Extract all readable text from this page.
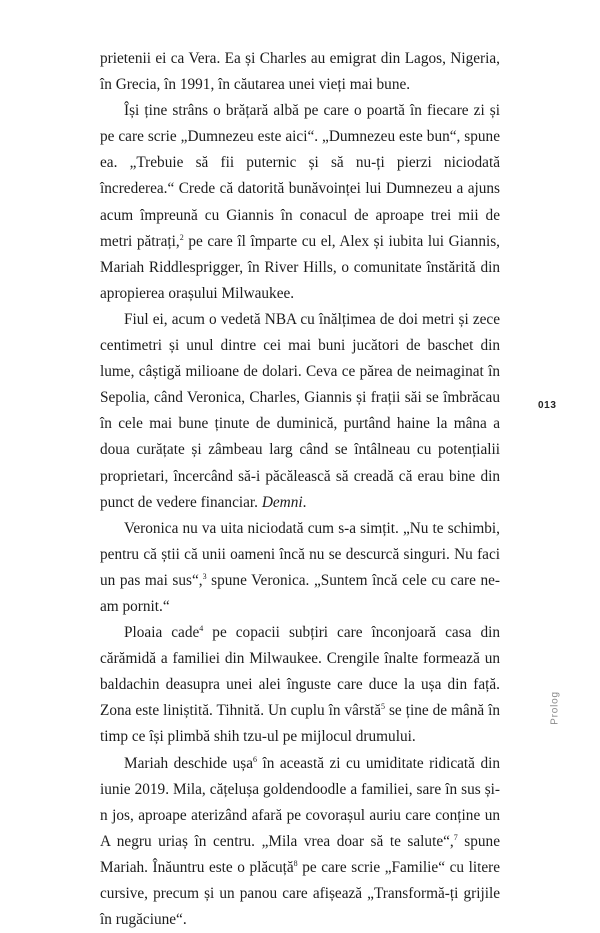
prietenii ei ca Vera. Ea și Charles au emigrat din Lagos, Nigeria, în Grecia, în 1991, în căutarea unei vieți mai bune.

Își ține strâns o brățară albă pe care o poartă în fiecare zi și pe care scrie „Dumnezeu este aici“. „Dumnezeu este bun“, spune ea. „Trebuie să fii puternic și să nu-ți pierzi niciodată încrederea.“ Crede că datorită bunăvoinței lui Dumnezeu a ajuns acum împreună cu Giannis în conacul de aproape trei mii de metri pătrați,$^2$ pe care îl împarte cu el, Alex și iubita lui Giannis, Mariah Riddlesprigger, în River Hills, o comunitate înstărită din apropierea orașului Milwaukee.

Fiul ei, acum o vedetă NBA cu înălțimea de doi metri și zece centimetri și unul dintre cei mai buni jucători de baschet din lume, câștigă milioane de dolari. Ceva ce părea de neimaginat în Sepolia, când Veronica, Charles, Giannis și frații săi se îmbrăcau în cele mai bune ținute de duminică, purtând haine la mâna a doua curățate și zâmbeau larg când se întâlneau cu potențialii proprietari, încercând să-i păcălească să creadă că erau bine din punct de vedere financiar. Demni.

Veronica nu va uita niciodată cum s-a simțit. „Nu te schimbi, pentru că știi că unii oameni încă nu se descurcă singuri. Nu faci un pas mai sus“,$^3$ spune Veronica. „Suntem încă cele cu care ne-am pornit.“

Ploaia cade$^4$ pe copacii subțiri care înconjoară casa din cărămidă a familiei din Milwaukee. Crengile înalte formează un baldachin deasupra unei alei înguste care duce la ușa din față. Zona este liniștită. Tihnită. Un cuplu în vârstă$^5$ se ține de mână în timp ce își plimbă shih tzu-ul pe mijlocul drumului.

Mariah deschide ușa$^6$ în această zi cu umiditate ridicată din iunie 2019. Mila, cățelușa goldendoodle a familiei, sare în sus și-n jos, aproape aterizând afară pe covorașul auriu care conține un A negru uriaș în centru. „Mila vrea doar să te salute“,$^7$ spune Mariah. Înăuntru este o plăcuță$^8$ pe care scrie „Familie“ cu litere cursive, precum și un panou care afișează „Transformă-ți grijile în rugăciune“.

013
Prolog
